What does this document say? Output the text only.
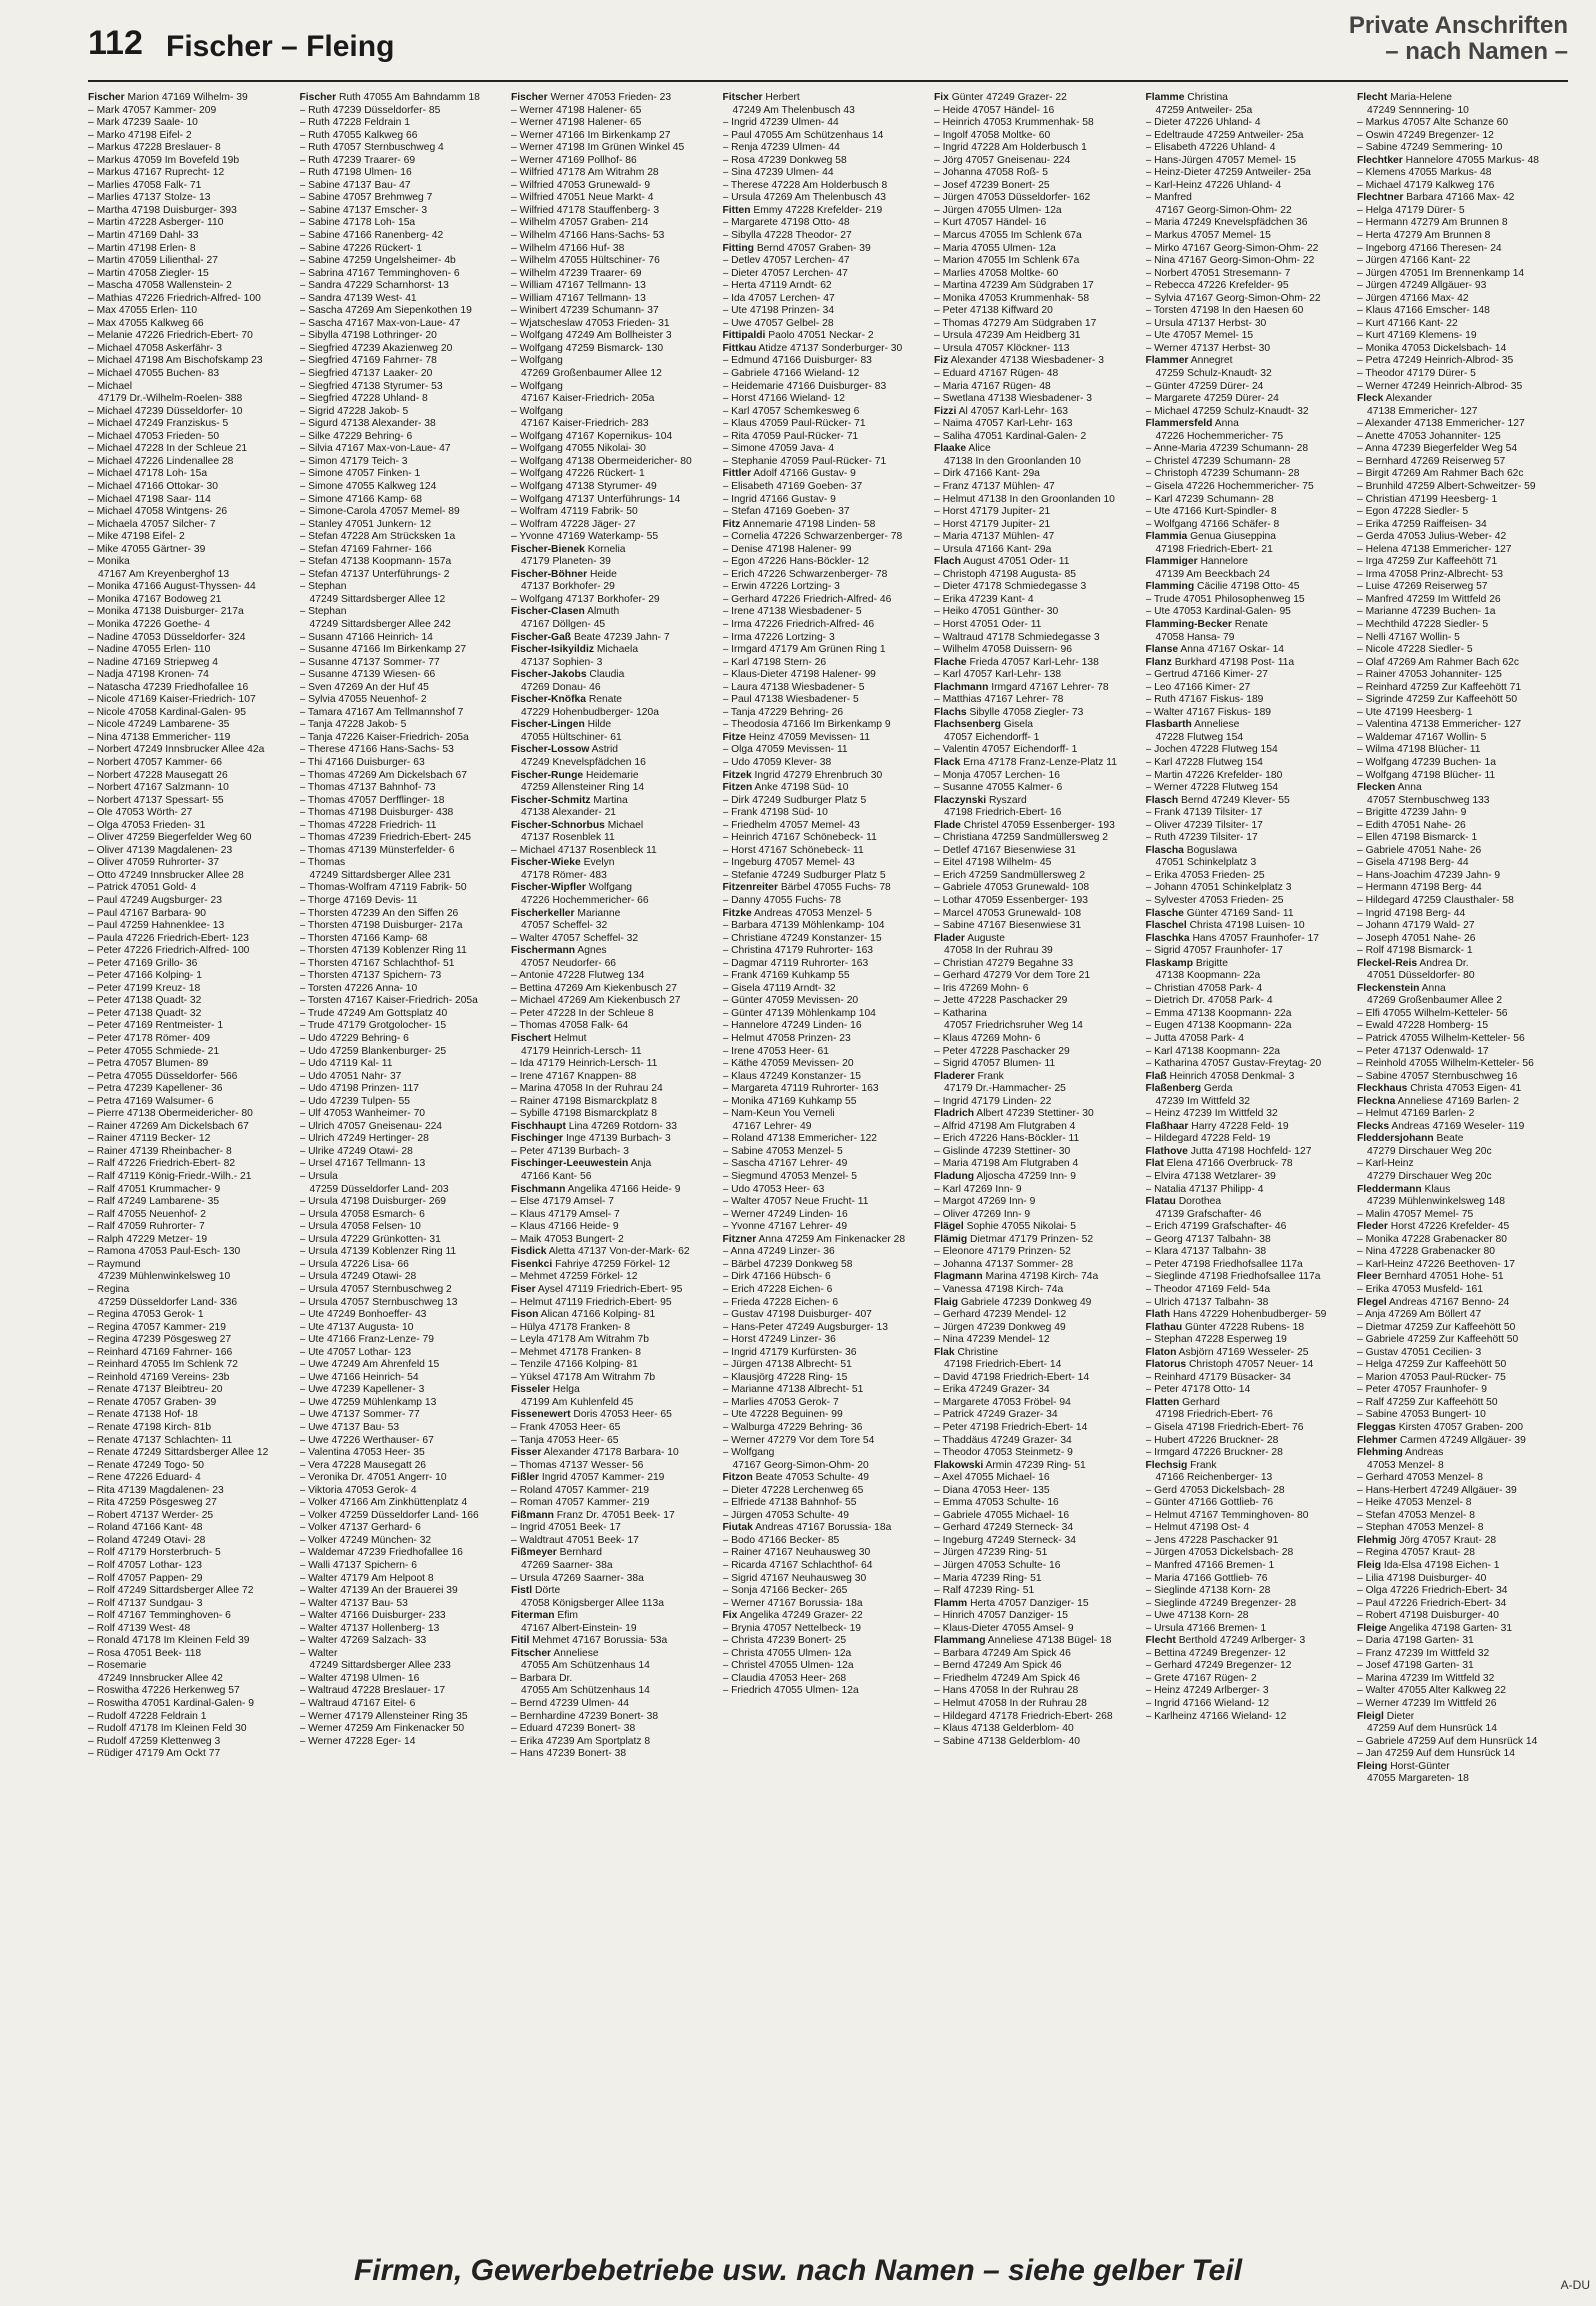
112 Fischer – Fleing
Private Anschriften
– nach Namen –
Fischer Marion 47169 Wilhelm- 39
– Mark 47057 Kammer- 209
– Mark 47239 Saale- 10
– Marko 47198 Eifel- 2
– Markus 47228 Breslauer- 8
– Markus 47059 Im Bovefeld 19b
– Markus 47167 Ruprecht- 12
– Marlies 47058 Falk- 71
– Marlies 47137 Stolze- 13
– Martha 47198 Duisburger- 393
– Martin 47228 Asberger- 110
– Martin 47169 Dahl- 33
– Martin 47198 Erlen- 8
– Martin 47059 Lilienthal- 27
– Martin 47058 Ziegler- 15
– Mascha 47058 Wallenstein- 2
– Mathias 47226 Friedrich-Alfred- 100
– Max 47055 Erlen- 110
– Max 47055 Kalkweg 66
– Melanie 47226 Friedrich-Ebert- 70
– Michael 47058 Askerfähr- 3
– Michael 47198 Am Bischofskamp 23
– Michael 47055 Buchen- 83
– Michael
47179 Dr.-Wilhelm-Roelen- 388
– Michael 47239 Düsseldorfer- 10
– Michael 47249 Franziskus- 5
– Michael 47053 Frieden- 50
– Michael 47228 In der Schleue 21
– Michael 47226 Lindenallee 28
– Michael 47178 Loh- 15a
– Michael 47166 Ottokar- 30
– Michael 47198 Saar- 114
– Michael 47058 Wintgens- 26
– Michaela 47057 Silcher- 7
– Mike 47198 Eifel- 2
– Mike 47055 Gärtner- 39
– Monika
47167 Am Kreyenberghof 13
– Monika 47166 August-Thyssen- 44
– Monika 47167 Bodoweg 21
– Monika 47138 Duisburger- 217a
– Monika 47226 Goethe- 4
– Nadine 47053 Düsseldorfer- 324
– Nadine 47055 Erlen- 110
– Nadine 47169 Striepweg 4
– Nadja 47198 Kronen- 74
– Natascha 47239 Friedhofallee 16
– Nicole 47169 Kaiser-Friedrich- 107
– Nicole 47058 Kardinal-Galen- 95
– Nicole 47249 Lambarene- 35
– Nina 47138 Emmericher- 119
– Norbert 47249 Innsbrucker Allee 42a
– Norbert 47057 Kammer- 66
– Norbert 47228 Mausegatt 26
– Norbert 47167 Salzmann- 10
– Norbert 47137 Spessart- 55
– Ole 47053 Wörth- 27
– Olga 47053 Frieden- 31
– Oliver 47259 Biegerfelder Weg 60
– Oliver 47139 Magdalenen- 23
– Oliver 47059 Ruhrorter- 37
– Otto 47249 Innsbrucker Allee 28
– Patrick 47051 Gold- 4
– Paul 47249 Augsburger- 23
– Paul 47167 Barbara- 90
– Paul 47259 Hahnenklee- 13
– Paula 47226 Friedrich-Ebert- 123
– Peter 47226 Friedrich-Alfred- 100
– Peter 47169 Grillo- 36
– Peter 47166 Kolping- 1
– Peter 47199 Kreuz- 18
– Peter 47138 Quadt- 32
– Peter 47138 Quadt- 32
– Peter 47169 Rentmeister- 1
– Peter 47178 Römer- 409
– Peter 47055 Schmiede- 21
– Petra 47057 Blumen- 89
– Petra 47055 Düsseldorfer- 566
– Petra 47239 Kapellener- 36
– Petra 47169 Walsumer- 6
– Pierre 47138 Obermeidericher- 80
– Rainer 47269 Am Dickelsbach 67
– Rainer 47119 Becker- 12
– Rainer 47139 Rheinbacher- 8
– Ralf 47226 Friedrich-Ebert- 82
– Ralf 47119 König-Friedr.-Wilh.- 21
– Ralf 47051 Krummacher- 9
– Ralf 47249 Lambarene- 35
– Ralf 47055 Neuenhof- 2
– Ralf 47059 Ruhrorter- 7
– Ralph 47229 Metzer- 19
– Ramona 47053 Paul-Esch- 130
– Raymund
47239 Mühlenwinkelsweg 10
– Regina
47259 Düsseldorfer Land- 336
– Regina 47053 Gerok- 1
– Regina 47057 Kammer- 219
– Regina 47239 Pösgesweg 27
– Reinhard 47169 Fahrner- 166
– Reinhard 47055 Im Schlenk 72
– Reinhold 47169 Vereins- 23b
– Renate 47137 Bleibtreu- 20
– Renate 47057 Graben- 39
– Renate 47138 Hof- 18
– Renate 47198 Kirch- 81b
– Renate 47137 Schlachten- 11
– Renate 47249 Sittardsberger Allee 12
– Renate 47249 Togo- 50
– Rene 47226 Eduard- 4
– Rita 47139 Magdalenen- 23
– Rita 47259 Pösgesweg 27
– Robert 47137 Werder- 25
– Roland 47166 Kant- 48
– Roland 47249 Otavi- 28
– Rolf 47179 Horsterbruch- 5
– Rolf 47057 Lothar- 123
– Rolf 47057 Pappen- 29
– Rolf 47249 Sittardsberger Allee 72
– Rolf 47137 Sundgau- 3
– Rolf 47167 Temminghoven- 6
– Rolf 47139 West- 48
– Ronald 47178 Im Kleinen Feld 39
– Rosa 47051 Beek- 118
– Rosemarie
47249 Innsbrucker Allee 42
– Roswitha 47226 Herkenweg 57
– Roswitha 47051 Kardinal-Galen- 9
– Rudolf 47228 Feldrain 1
– Rudolf 47178 Im Kleinen Feld 30
– Rudolf 47259 Klettenweg 3
– Rüdiger 47179 Am Ockt 77
Fischer Ruth 47055 Am Bahndamm 18
– Ruth 47239 Düsseldorfer- 85
– Ruth 47228 Feldrain 1
– Ruth 47055 Kalkweg 66
– Ruth 47057 Sternbuschweg 4
– Ruth 47239 Traarer- 69
– Ruth 47198 Ulmen- 16
– Sabine 47137 Bau- 47
– Sabine 47057 Brehmweg 7
– Sabine 47137 Emscher- 3
– Sabine 47178 Loh- 15a
– Sabine 47166 Ranenberg- 42
– Sabine 47226 Rückert- 1
– Sabine 47259 Ungelsheimer- 4b
– Sabrina 47167 Temminghoven- 6
– Sandra 47229 Scharnhorst- 13
– Sandra 47139 West- 41
– Sascha 47269 Am Siepenkothen 19
– Sascha 47167 Max-von-Laue- 47
– Sibylla 47198 Lothringer- 20
– Siegfried 47239 Akazienweg 20
– Siegfried 47169 Fahrner- 78
– Siegfried 47137 Laaker- 20
– Siegfried 47138 Styrumer- 53
– Siegfried 47228 Uhland- 8
– Sigrid 47228 Jakob- 5
– Sigurd 47138 Alexander- 38
– Silke 47229 Behring- 6
– Silvia 47167 Max-von-Laue- 47
– Simon 47179 Teich- 3
– Simone 47057 Finken- 1
– Simone 47055 Kalkweg 124
– Simone 47166 Kamp- 68
– Simone-Carola 47057 Memel- 89
– Stanley 47051 Junkern- 12
– Stefan 47228 Am Strücksken 1a
– Stefan 47169 Fahrner- 166
– Stefan 47138 Koopmann- 157a
– Stefan 47137 Unterführungs- 2
– Stephan
47249 Sittardsberger Allee 12
– Stephan
47249 Sittardsberger Allee 242
– Susann 47166 Heinrich- 14
– Susanne 47166 Im Birkenkamp 27
– Susanne 47137 Sommer- 77
– Susanne 47139 Wiesen- 66
– Sven 47269 An der Huf 45
– Sylvia 47055 Neuenhof- 2
– Tamara 47167 Am Tellmannshof 7
– Tanja 47228 Jakob- 5
– Tanja 47226 Kaiser-Friedrich- 205a
– Therese 47166 Hans-Sachs- 53
– Thi 47166 Duisburger- 63
– Thomas 47269 Am Dickelsbach 67
– Thomas 47137 Bahnhof- 73
– Thomas 47057 Derfflinger- 18
– Thomas 47198 Duisburger- 438
– Thomas 47228 Friedrich- 11
– Thomas 47239 Friedrich-Ebert- 245
– Thomas 47139 Münsterfelder- 6
– Thomas
47249 Sittardsberger Allee 231
– Thomas-Wolfram 47119 Fabrik- 50
– Thorge 47169 Devis- 11
– Thorsten 47239 An den Siffen 26
– Thorsten 47198 Duisburger- 217a
– Thorsten 47166 Kamp- 68
– Thorsten 47139 Koblenzer Ring 11
– Thorsten 47167 Schlachthof- 51
– Thorsten 47137 Spichern- 73
– Torsten 47226 Anna- 10
– Torsten 47167 Kaiser-Friedrich- 205a
– Trude 47249 Am Gottsplatz 40
– Trude 47179 Grotgolocher- 15
– Udo 47229 Behring- 6
– Udo 47259 Blankenburger- 25
– Udo 47119 Kal- 11
– Udo 47051 Nahr- 37
– Udo 47198 Prinzen- 117
– Udo 47239 Tulpen- 55
– Ulf 47053 Wanheimer- 70
– Ulrich 47057 Gneisenau- 224
– Ulrich 47249 Hertinger- 28
– Ulrike 47249 Otawi- 28
– Ursel 47167 Tellmann- 13
– Ursula
47259 Düsseldorfer Land- 203
– Ursula 47198 Duisburger- 269
– Ursula 47058 Esmarch- 6
– Ursula 47058 Felsen- 10
– Ursula 47229 Grünkotten- 31
– Ursula 47139 Koblenzer Ring 11
– Ursula 47226 Lisa- 66
– Ursula 47249 Otawi- 28
– Ursula 47057 Sternbuschweg 2
– Ursula 47057 Sternbuschweg 13
– Ute 47249 Bonhoeffer- 43
– Ute 47137 Augusta- 10
– Ute 47166 Franz-Lenze- 79
– Ute 47057 Lothar- 123
– Uwe 47249 Am Ährenfeld 15
– Uwe 47166 Heinrich- 54
– Uwe 47239 Kapellener- 3
– Uwe 47259 Mühlenkamp 13
– Uwe 47137 Sommer- 77
– Uwe 47137 Bau- 53
– Uwe 47226 Werthauser- 67
– Valentina 47053 Heer- 35
– Vera 47228 Mausegatt 26
– Veronika Dr. 47051 Angerr- 10
– Viktoria 47053 Gerok- 4
– Volker 47166 Am Zinkhüttenplatz 4
– Volker 47259 Düsseldorfer Land- 166
– Volker 47137 Gerhard- 6
– Volker 47249 München- 32
– Waldemar 47239 Friedhofallee 16
– Walli 47137 Spichern- 6
– Walter 47179 Am Helpoot 8
– Walter 47139 An der Brauerei 39
– Walter 47137 Bau- 53
– Walter 47166 Duisburger- 233
– Walter 47137 Hollenberg- 13
– Walter 47269 Salzach- 33
– Walter
47249 Sittardsberger Allee 233
– Walter 47198 Ulmen- 16
– Waltraud 47228 Breslauer- 17
– Waltraud 47167 Eitel- 6
– Werner 47179 Allensteiner Ring 35
– Werner 47259 Am Finkenacker 50
– Werner 47228 Eger- 14
Fischer Werner 47053 Frieden- 23
– Werner 47198 Halener- 65
– Werner 47198 Halener- 65
– Werner 47166 Im Birkenkamp 27
– Werner 47198 Im Grünen Winkel 45
– Werner 47169 Pollhof- 86
– Wilfried 47178 Am Witrahm 28
– Wilfried 47053 Grunewald- 9
– Wilfried 47051 Neue Markt- 4
– Wilfried 47178 Stauffenberg- 3
– Wilhelm 47057 Graben- 214
– Wilhelm 47166 Hans-Sachs- 53
– Wilhelm 47166 Huf- 38
– Wilhelm 47055 Hültschiner- 76
– Wilhelm 47239 Traarer- 69
– William 47167 Tellmann- 13
– William 47167 Tellmann- 13
– Winibert 47239 Schumann- 37
– Wjatscheslaw 47053 Frieden- 31
– Wolfgang 47249 Am Bollheister 3
– Wolfgang 47259 Bismarck- 130
– Wolfgang
47269 Großenbaumer Allee 12
– Wolfgang
47167 Kaiser-Friedrich- 205a
– Wolfgang
47167 Kaiser-Friedrich- 283
– Wolfgang 47167 Kopernikus- 104
– Wolfgang 47055 Nikolai- 30
– Wolfgang 47138 Obermeidericher- 80
– Wolfgang 47226 Rückert- 1
– Wolfgang 47138 Styrumer- 49
– Wolfgang 47137 Unterführungs- 14
– Wolfram 47119 Fabrik- 50
– Wolfram 47228 Jäger- 27
– Yvonne 47169 Waterkamp- 55
Fischer-Bienek Kornelia
47179 Planeten- 39
Fischer-Böhner Heide
47137 Borkhofer- 29
– Wolfgang 47137 Borkhofer- 29
Fischer-Clasen Almuth
47167 Döllgen- 45
Fischer-Gaß Beate 47239 Jahn- 7
Fischer-Isikyildiz Michaela
47137 Sophien- 3
Fischer-Jakobs Claudia
47269 Donau- 46
Fischer-Knöfka Renate
47229 Hohenbudberger- 120a
Fischer-Lingen Hilde
47055 Hültschiner- 61
Fischer-Lossow Astrid
47249 Knevelspfädchen 16
Fischer-Runge Heidemarie
47259 Allensteiner Ring 14
Fischer-Schmitz Martina
47138 Alexander- 21
Fischer-Schnorbus Michael
47137 Rosenblek 11
– Michael 47137 Rosenbleck 11
Fischer-Wieke Evelyn
47178 Römer- 483
Fischer-Wipfler Wolfgang
47226 Hochemmericher- 66
Fischerkeller Marianne
47057 Scheffel- 32
– Walter 47057 Scheffel- 32
Fischermann Agnes
47057 Neudorfer- 66
– Antonie 47228 Flutweg 134
– Bettina 47269 Am Kiekenbusch 27
– Michael 47269 Am Kiekenbusch 27
– Peter 47228 In der Schleue 8
– Thomas 47058 Falk- 64
Fischert Helmut
47179 Heinrich-Lersch- 11
– Ida 47179 Heinrich-Lersch- 11
– Irene 47167 Knappen- 88
– Marina 47058 In der Ruhrau 24
– Rainer 47198 Bismarckplatz 8
– Sybille 47198 Bismarckplatz 8
Fischhaupt Lina 47269 Rotdorn- 33
Fischinger Inge 47139 Burbach- 3
– Peter 47139 Burbach- 3
Fischinger-Leeuwestein Anja
47166 Kant- 56
Fischmann Angelika 47166 Heide- 9
– Else 47179 Amsel- 7
– Klaus 47179 Amsel- 7
– Klaus 47166 Heide- 9
– Maik 47053 Bungert- 2
Fisdick Aletta 47137 Von-der-Mark- 62
Fisenkci Fahriye 47259 Förkel- 12
– Mehmet 47259 Förkel- 12
Fiser Aysel 47119 Friedrich-Ebert- 95
– Helmut 47119 Friedrich-Ebert- 95
Fison Alican 47166 Kolping- 81
– Hülya 47178 Franken- 8
– Leyla 47178 Am Witrahm 7b
– Mehmet 47178 Franken- 8
– Tenzile 47166 Kolping- 81
– Yüksel 47178 Am Witrahm 7b
Fisseler Helga
47199 Am Kuhlenfeld 45
Fissenewert Doris 47053 Heer- 65
– Frank 47053 Heer- 65
– Tanja 47053 Heer- 65
Fisser Alexander 47178 Barbara- 10
– Thomas 47137 Wesser- 56
Fißler Ingrid 47057 Kammer- 219
– Roland 47057 Kammer- 219
– Roman 47057 Kammer- 219
Fißmann Franz Dr. 47051 Beek- 17
– Ingrid 47051 Beek- 17
– Waldtraut 47051 Beek- 17
Fißmeyer Bernhard
47269 Saarner- 38a
– Ursula 47269 Saarner- 38a
Fistl Dörte
47058 Königsberger Allee 113a
Fiterman Efim
47167 Albert-Einstein- 19
Fitil Mehmet 47167 Borussia- 53a
Fitscher Anneliese
47055 Am Schützenhaus 14
– Barbara Dr.
47055 Am Schützenhaus 14
– Bernd 47239 Ulmen- 44
– Bernhardine 47239 Bonert- 38
– Eduard 47239 Bonert- 38
– Erika 47239 Am Sportplatz 8
– Hans 47239 Bonert- 38
Fitscher Herbert
47249 Am Thelenbusch 43
– Ingrid 47239 Ulmen- 44
– Paul 47055 Am Schützenhaus 14
– Renja 47239 Ulmen- 44
– Rosa 47239 Donkweg 58
– Sina 47239 Ulmen- 44
– Therese 47228 Am Holderbusch 8
– Ursula 47269 Am Thelenbusch 43
Fitten Emmy 47228 Krefelder- 219
– Margarete 47198 Otto- 48
– Sibylla 47228 Theodor- 27
Fitting Bernd 47057 Graben- 39
– Detlev 47057 Lerchen- 47
– Dieter 47057 Lerchen- 47
– Herta 47119 Arndt- 62
– Ida 47057 Lerchen- 47
– Ute 47198 Prinzen- 34
– Uwe 47057 Gelbel- 28
Fittipaldi Paolo 47051 Neckar- 2
Fittkau Atidze 47137 Sonderburger- 30
– Edmund 47166 Duisburger- 83
– Gabriele 47166 Wieland- 12
– Heidemarie 47166 Duisburger- 83
– Horst 47166 Wieland- 12
– Karl 47057 Schemkesweg 6
– Klaus 47059 Paul-Rücker- 71
– Rita 47059 Paul-Rücker- 71
– Simone 47059 Java- 4
– Stephanie 47059 Paul-Rücker- 71
Fittler Adolf 47166 Gustav- 9
– Elisabeth 47169 Goeben- 37
– Ingrid 47166 Gustav- 9
– Stefan 47169 Goeben- 37
Fitz Annemarie 47198 Linden- 58
– Cornelia 47226 Schwarzenberger- 78
– Denise 47198 Halener- 99
– Egon 47226 Hans-Böckler- 12
– Erich 47226 Schwarzenberger- 78
– Erwin 47226 Lortzing- 3
– Gerhard 47226 Friedrich-Alfred- 46
– Irene 47138 Wiesbadener- 5
– Irma 47226 Friedrich-Alfred- 46
– Irma 47226 Lortzing- 3
– Irmgard 47179 Am Grünen Ring 1
– Karl 47198 Stern- 26
– Klaus-Dieter 47198 Halener- 99
– Laura 47138 Wiesbadener- 5
– Paul 47138 Wiesbadener- 5
– Tanja 47229 Behring- 26
– Theodosia 47166 Im Birkenkamp 9
Fitze Heinz 47059 Mevissen- 11
– Olga 47059 Mevissen- 11
– Udo 47059 Klever- 38
Fitzek Ingrid 47279 Ehrenbruch 30
Fitzen Anke 47198 Süd- 10
– Dirk 47249 Sudburger Platz 5
– Frank 47198 Süd- 10
– Friedhelm 47057 Memel- 43
– Heinrich 47167 Schönebeck- 11
– Horst 47167 Schönebeck- 11
– Ingeburg 47057 Memel- 43
– Stefanie 47249 Sudburger Platz 5
Fitzenreiter Bärbel 47055 Fuchs- 78
– Danny 47055 Fuchs- 78
Fitzke Andreas 47053 Menzel- 5
– Barbara 47139 Möhlenkamp- 104
– Christiane 47249 Konstanzer- 15
– Christina 47179 Ruhrorter- 163
– Dagmar 47119 Ruhrorter- 163
– Frank 47169 Kuhkamp 55
– Gisela 47119 Arndt- 32
– Günter 47059 Mevissen- 20
– Günter 47139 Möhlenkamp 104
– Hannelore 47249 Linden- 16
– Helmut 47058 Prinzen- 23
– Irene 47053 Heer- 61
– Käthe 47059 Mevissen- 20
– Klaus 47249 Konstanzer- 15
– Margareta 47119 Ruhrorter- 163
– Monika 47169 Kuhkamp 55
– Nam-Keun You Verneli
47167 Lehrer- 49
– Roland 47138 Emmericher- 122
– Sabine 47053 Menzel- 5
– Sascha 47167 Lehrer- 49
– Siegmund 47053 Menzel- 5
– Udo 47053 Heer- 63
– Walter 47057 Neue Frucht- 11
– Werner 47249 Linden- 16
– Yvonne 47167 Lehrer- 49
Fitzner Anna 47259 Am Finkenacker 28
– Anna 47249 Linzer- 36
– Bärbel 47239 Donkweg 58
– Dirk 47166 Hübsch- 6
– Erich 47228 Eichen- 6
– Frieda 47228 Eichen- 6
– Gustav 47198 Duisburger- 407
– Hans-Peter 47249 Augsburger- 13
– Horst 47249 Linzer- 36
– Ingrid 47179 Kurfürsten- 36
– Jürgen 47138 Albrecht- 51
– Klausjörg 47228 Ring- 15
– Marianne 47138 Albrecht- 51
– Marlies 47053 Gerok- 7
– Ute 47228 Beguinen- 99
– Walburga 47229 Behring- 36
– Werner 47279 Vor dem Tore 54
– Wolfgang
47167 Georg-Simon-Ohm- 20
Fitzon Beate 47053 Schulte- 49
– Dieter 47228 Lerchenweg 65
– Elfriede 47138 Bahnhof- 55
– Jürgen 47053 Schulte- 49
Fiutak Andreas 47167 Borussia- 18a
– Bodo 47166 Becker- 85
– Rainer 47167 Neuhausweg 30
– Ricarda 47167 Schlachthof- 64
– Sigrid 47167 Neuhausweg 30
– Sonja 47166 Becker- 265
– Werner 47167 Borussia- 18a
Fix Angelika 47249 Grazer- 22
– Brynia 47057 Nettelbeck- 19
– Christa 47239 Bonert- 25
– Christa 47055 Ulmen- 12a
– Christel 47055 Ulmen- 12a
– Claudia 47053 Heer- 268
– Friedrich 47055 Ulmen- 12a
Fix Günter 47249 Grazer- 22
– Heide 47057 Händel- 16
– Heinrich 47053 Krummenhak- 58
– Ingolf 47058 Moltke- 60
– Ingrid 47228 Am Holderbusch 1
– Jörg 47057 Gneisenau- 224
– Johanna 47058 Roß- 5
– Josef 47239 Bonert- 25
– Jürgen 47053 Düsseldorfer- 162
– Jürgen 47055 Ulmen- 12a
– Kurt 47057 Händel- 16
– Marcus 47055 Im Schlenk 67a
– Maria 47055 Ulmen- 12a
– Marion 47055 Im Schlenk 67a
– Marlies 47058 Moltke- 60
– Martina 47239 Am Südgraben 17
– Monika 47053 Krummenhak- 58
– Peter 47138 Kiffward 20
– Thomas 47279 Am Südgraben 17
– Ursula 47239 Am Heidberg 31
– Ursula 47057 Klöckner- 113
Fiz Alexander 47138 Wiesbadener- 3
– Eduard 47167 Rügen- 48
– Maria 47167 Rügen- 48
– Swetlana 47138 Wiesbadener- 3
Fizzi Al 47057 Karl-Lehr- 163
– Naima 47057 Karl-Lehr- 163
– Saliha 47051 Kardinal-Galen- 2
Flaake Alice
47138 In den Groonlanden 10
– Dirk 47166 Kant- 29a
– Franz 47137 Mühlen- 47
– Helmut 47138 In den Groonlanden 10
– Horst 47179 Jupiter- 21
– Horst 47179 Jupiter- 21
– Maria 47137 Mühlen- 47
– Ursula 47166 Kant- 29a
Flach August 47051 Oder- 11
– Christoph 47198 Augusta- 85
– Dieter 47178 Schmiedegasse 3
– Erika 47239 Kant- 4
– Heiko 47051 Günther- 30
– Horst 47051 Oder- 11
– Waltraud 47178 Schmiedegasse 3
– Wilhelm 47058 Duissern- 96
Flache Frieda 47057 Karl-Lehr- 138
– Karl 47057 Karl-Lehr- 138
Flachmann Irmgard 47167 Lehrer- 78
– Matthias 47167 Lehrer- 78
Flachs Sibylle 47058 Ziegler- 73
Flachsenberg Gisela
47057 Eichendorff- 1
– Valentin 47057 Eichendorff- 1
Flack Erna 47178 Franz-Lenze-Platz 11
– Monja 47057 Lerchen- 16
– Susanne 47055 Kalmer- 6
Flaczynski Ryszard
47198 Friedrich-Ebert- 16
Flade Christel 47059 Essenberger- 193
– Christiana 47259 Sandmüllersweg 2
– Detlef 47167 Biesenwiese 31
– Eitel 47198 Wilhelm- 45
– Erich 47259 Sandmüllersweg 2
– Gabriele 47053 Grunewald- 108
– Lothar 47059 Essenberger- 193
– Marcel 47053 Grunewald- 108
– Sabine 47167 Biesenwiese 31
Flader Auguste
47058 In der Ruhrau 39
– Christian 47279 Begahne 33
– Gerhard 47279 Vor dem Tore 21
– Iris 47269 Mohn- 6
– Jette 47228 Paschacker 29
– Katharina
47057 Friedrichsruher Weg 14
– Klaus 47269 Mohn- 6
– Peter 47228 Paschacker 29
– Sigrid 47057 Blumen- 11
Fladerer Frank
47179 Dr.-Hammacher- 25
– Ingrid 47179 Linden- 22
Fladrich Albert 47239 Stettiner- 30
– Alfrid 47198 Am Flutgraben 4
– Erich 47226 Hans-Böckler- 11
– Gislinde 47239 Stettiner- 30
– Maria 47198 Am Flutgraben 4
Fladung Aljoscha 47259 Inn- 9
– Karl 47269 Inn- 9
– Margot 47269 Inn- 9
– Oliver 47269 Inn- 9
Flägel Sophie 47055 Nikolai- 5
Flämig Dietmar 47179 Prinzen- 52
– Eleonore 47179 Prinzen- 52
– Johanna 47137 Sommer- 28
Flagmann Marina 47198 Kirch- 74a
– Vanessa 47198 Kirch- 74a
Flaig Gabriele 47239 Donkweg 49
– Gerhard 47239 Mendel- 12
– Jürgen 47239 Donkweg 49
– Nina 47239 Mendel- 12
Flak Christine
47198 Friedrich-Ebert- 14
– David 47198 Friedrich-Ebert- 14
– Erika 47249 Grazer- 34
– Margarete 47053 Fröbel- 94
– Patrick 47249 Grazer- 34
– Peter 47198 Friedrich-Ebert- 14
– Thaddäus 47249 Grazer- 34
– Theodor 47053 Steinmetz- 9
Flakowski Armin 47239 Ring- 51
– Axel 47055 Michael- 16
– Diana 47053 Heer- 135
– Emma 47053 Schulte- 16
– Gabriele 47055 Michael- 16
– Gerhard 47249 Sterneck- 34
– Ingeburg 47249 Sterneck- 34
– Jürgen 47239 Ring- 51
– Jürgen 47053 Schulte- 16
– Maria 47239 Ring- 51
– Ralf 47239 Ring- 51
Flamm Herta 47057 Danziger- 15
– Hinrich 47057 Danziger- 15
– Klaus-Dieter 47055 Amsel- 9
Flammang Anneliese 47138 Bügel- 18
– Barbara 47249 Am Spick 46
– Bernd 47249 Am Spick 46
– Friedhelm 47249 Am Spick 46
– Hans 47058 In der Ruhrau 28
– Helmut 47058 In der Ruhrau 28
– Hildegard 47178 Friedrich-Ebert- 268
– Klaus 47138 Gelderblom- 40
– Sabine 47138 Gelderblom- 40
Flamme Christina
47259 Antweiler- 25a
– Dieter 47226 Uhland- 4
– Edeltraude 47259 Antweiler- 25a
– Elisabeth 47226 Uhland- 4
– Hans-Jürgen 47057 Memel- 15
– Heinz-Dieter 47259 Antweiler- 25a
– Karl-Heinz 47226 Uhland- 4
– Manfred
47167 Georg-Simon-Ohm- 22
– Maria 47249 Knevelspfädchen 36
– Markus 47057 Memel- 15
– Mirko 47167 Georg-Simon-Ohm- 22
– Nina 47167 Georg-Simon-Ohm- 22
– Norbert 47051 Stresemann- 7
– Rebecca 47226 Krefelder- 95
– Sylvia 47167 Georg-Simon-Ohm- 22
– Torsten 47198 In den Haesen 60
– Ursula 47137 Herbst- 30
– Ute 47057 Memel- 15
– Werner 47137 Herbst- 30
Flammer Annegret
47259 Schulz-Knaudt- 32
– Günter 47259 Dürer- 24
– Margarete 47259 Dürer- 24
– Michael 47259 Schulz-Knaudt- 32
Flammersfeld Anna
47226 Hochemmericher- 75
– Anne-Maria 47239 Schumann- 28
– Christel 47239 Schumann- 28
– Christoph 47239 Schumann- 28
– Gisela 47226 Hochemmericher- 75
– Karl 47239 Schumann- 28
– Ute 47166 Kurt-Spindler- 8
– Wolfgang 47166 Schäfer- 8
Flammia Genua Giuseppina
47198 Friedrich-Ebert- 21
Flammiger Hannelore
47139 Am Beeckbach 24
Flamming Cäcilie 47198 Otto- 45
– Trude 47051 Philosophenweg 15
– Ute 47053 Kardinal-Galen- 95
Flamming-Becker Renate
47058 Hansa- 79
Flanse Anna 47167 Oskar- 14
Flanz Burkhard 47198 Post- 11a
– Gertrud 47166 Kimer- 27
– Leo 47166 Kimer- 27
– Ruth 47167 Fiskus- 189
– Walter 47167 Fiskus- 189
Flasbarth Anneliese
47228 Flutweg 154
– Jochen 47228 Flutweg 154
– Karl 47228 Flutweg 154
– Martin 47226 Krefelder- 180
– Werner 47228 Flutweg 154
Flasch Bernd 47249 Klever- 55
– Frank 47139 Tilsiter- 17
– Oliver 47239 Tilsiter- 17
– Ruth 47239 Tilsiter- 17
Flascha Boguslawa
47051 Schinkelplatz 3
– Erika 47053 Frieden- 25
– Johann 47051 Schinkelplatz 3
– Sylvester 47053 Frieden- 25
Flasche Günter 47169 Sand- 11
Flaschel Christa 47198 Luisen- 10
Flaschka Hans 47057 Fraunhofer- 17
– Sigrid 47057 Fraunhofer- 17
Flaskamp Brigitte
47138 Koopmann- 22a
– Christian 47058 Park- 4
– Dietrich Dr. 47058 Park- 4
– Emma 47138 Koopmann- 22a
– Eugen 47138 Koopmann- 22a
– Jutta 47058 Park- 4
– Karl 47138 Koopmann- 22a
– Katharina 47057 Gustav-Freytag- 20
Flaß Heinrich 47058 Denkmal- 3
Flaßenberg Gerda
47239 Im Wittfeld 32
– Heinz 47239 Im Wittfeld 32
Flaßhaar Harry 47228 Feld- 19
– Hildegard 47228 Feld- 19
Flathove Jutta 47198 Hochfeld- 127
Flat Elena 47166 Overbruck- 78
– Elvira 47138 Wetzlarer- 39
– Natalia 47137 Philipp- 4
Flatau Dorothea
47139 Grafschafter- 46
– Erich 47199 Grafschafter- 46
– Georg 47137 Talbahn- 38
– Klara 47137 Talbahn- 38
– Peter 47198 Friedhofsallee 117a
– Sieglinde 47198 Friedhofsallee 117a
– Theodor 47169 Feld- 54a
– Ulrich 47137 Talbahn- 38
Flath Hans 47229 Hohenbudberger- 59
Flathau Günter 47228 Rubens- 18
– Stephan 47228 Esperweg 19
Flaton Asbjörn 47169 Wesseler- 25
Flatorus Christoph 47057 Neuer- 14
– Reinhard 47179 Büsacker- 34
– Peter 47178 Otto- 14
Flatten Gerhard
47198 Friedrich-Ebert- 76
– Gisela 47198 Friedrich-Ebert- 76
– Hubert 47226 Bruckner- 28
– Irmgard 47226 Bruckner- 28
Flechsig Frank
47166 Reichenberger- 13
– Gerd 47053 Dickelsbach- 28
– Günter 47166 Gottlieb- 76
– Helmut 47167 Temminghoven- 80
– Helmut 47198 Ost- 4
– Jens 47228 Paschacker 91
– Jürgen 47053 Dickelsbach- 28
– Manfred 47166 Bremen- 1
– Maria 47166 Gottlieb- 76
– Sieglinde 47138 Korn- 28
– Sieglinde 47249 Bregenzer- 28
– Uwe 47138 Korn- 28
– Ursula 47166 Bremen- 1
Flecht Berthold 47249 Arlberger- 3
– Bettina 47249 Bregenzer- 12
– Gerhard 47249 Bregenzer- 12
– Grete 47167 Rügen- 2
– Heinz 47249 Arlberger- 3
– Ingrid 47166 Wieland- 12
– Karlheinz 47166 Wieland- 12
Flecht Maria-Helene
47249 Sennnering- 10
– Markus 47057 Alte Schanze 60
– Oswin 47249 Bregenzer- 12
– Sabine 47249 Semmering- 10
Flechtker Hannelore 47055 Markus- 48
– Klemens 47055 Markus- 48
– Michael 47179 Kalkweg 176
Flechtner Barbara 47166 Max- 42
– Helga 47179 Dürer- 5
– Hermann 47279 Am Brunnen 8
– Herta 47279 Am Brunnen 8
– Ingeborg 47166 Theresen- 24
– Jürgen 47166 Kant- 22
– Jürgen 47051 Im Brennenkamp 14
– Jürgen 47249 Allgäuer- 93
– Jürgen 47166 Max- 42
– Klaus 47166 Emscher- 148
– Kurt 47166 Kant- 22
– Kurt 47169 Klemens- 19
– Monika 47053 Dickelsbach- 14
– Petra 47249 Heinrich-Albrod- 35
– Theodor 47179 Dürer- 5
– Werner 47249 Heinrich-Albrod- 35
Fleck Alexander
47138 Emmericher- 127
– Alexander 47138 Emmericher- 127
– Anette 47053 Johanniter- 125
– Anna 47239 Biegerfelder Weg 54
– Bernhard 47269 Reiserweg 57
– Birgit 47269 Am Rahmer Bach 62c
– Brunhild 47259 Albert-Schweitzer- 59
– Christian 47199 Heesberg- 1
– Egon 47228 Siedler- 5
– Erika 47259 Raiffeisen- 34
– Gerda 47053 Julius-Weber- 42
– Helena 47138 Emmericher- 127
– Irga 47259 Zur Kaffeehött 71
– Irma 47058 Prinz-Albrecht- 53
– Luise 47269 Reiserweg 57
– Manfred 47259 Im Wittfeld 26
– Marianne 47239 Buchen- 1a
– Mechthild 47228 Siedler- 5
– Nelli 47167 Wollin- 5
– Nicole 47228 Siedler- 5
– Olaf 47269 Am Rahmer Bach 62c
– Rainer 47053 Johanniter- 125
– Reinhard 47259 Zur Kaffeehött 71
– Sigrinde 47259 Zur Kaffeehött 50
– Ute 47199 Heesberg- 1
– Valentina 47138 Emmericher- 127
– Waldemar 47167 Wollin- 5
– Wilma 47198 Blücher- 11
– Wolfgang 47239 Buchen- 1a
– Wolfgang 47198 Blücher- 11
Flecken Anna
47057 Sternbuschweg 133
– Brigitte 47239 Jahn- 9
– Edith 47051 Nahe- 26
– Ellen 47198 Bismarck- 1
– Gabriele 47051 Nahe- 26
– Gisela 47198 Berg- 44
– Hans-Joachim 47239 Jahn- 9
– Hermann 47198 Berg- 44
– Hildegard 47259 Clausthaler- 58
– Ingrid 47198 Berg- 44
– Johann 47179 Wald- 27
– Joseph 47051 Nahe- 26
– Rolf 47198 Bismarck- 1
Fleckel-Reis Andrea Dr.
47051 Düsseldorfer- 80
Fleckenstein Anna
47269 Großenbaumer Allee 2
– Elfi 47055 Wilhelm-Ketteler- 56
– Ewald 47228 Homberg- 15
– Patrick 47055 Wilhelm-Ketteler- 56
– Peter 47137 Odenwald- 17
– Reinhold 47055 Wilhelm-Ketteler- 56
– Sabine 47057 Sternbuschweg 16
Fleckhaus Christa 47053 Eigen- 41
Fleckna Anneliese 47169 Barlen- 2
– Helmut 47169 Barlen- 2
Flecks Andreas 47169 Weseler- 119
Fleddersjohann Beate
47279 Dirschauer Weg 20c
– Karl-Heinz
47279 Dirschauer Weg 20c
Fleddermann Klaus
47239 Mühlenwinkelsweg 148
– Malin 47057 Memel- 75
Fleder Horst 47226 Krefelder- 45
– Monika 47228 Grabenacker 80
– Nina 47228 Grabenacker 80
– Karl-Heinz 47226 Beethoven- 17
Fleer Bernhard 47051 Hohe- 51
– Erika 47053 Musfeld- 161
Flegel Andreas 47167 Benno- 24
– Anja 47269 Am Böllert 47
– Dietmar 47259 Zur Kaffeehött 50
– Gabriele 47259 Zur Kaffeehött 50
– Gustav 47051 Cecilien- 3
– Helga 47259 Zur Kaffeehött 50
– Marion 47053 Paul-Rücker- 75
– Peter 47057 Fraunhofer- 9
– Ralf 47259 Zur Kaffeehött 50
– Sabine 47053 Bungert- 10
Fleggas Kirsten 47057 Graben- 200
Flehmer Carmen 47249 Allgäuer- 39
Flehming Andreas
47053 Menzel- 8
– Gerhard 47053 Menzel- 8
– Hans-Herbert 47249 Allgäuer- 39
– Heike 47053 Menzel- 8
– Stefan 47053 Menzel- 8
– Stephan 47053 Menzel- 8
Flehmig Jörg 47057 Kraut- 28
– Regina 47057 Kraut- 28
Fleig Ida-Elsa 47198 Eichen- 1
– Lilia 47198 Duisburger- 40
– Olga 47226 Friedrich-Ebert- 34
– Paul 47226 Friedrich-Ebert- 34
– Robert 47198 Duisburger- 40
Fleige Angelika 47198 Garten- 31
– Daria 47198 Garten- 31
– Franz 47239 Im Wittfeld 32
– Josef 47198 Garten- 31
– Marina 47239 Im Wittfeld 32
– Walter 47055 Alter Kalkweg 22
– Werner 47239 Im Wittfeld 26
Fleigl Dieter
47259 Auf dem Hunsrück 14
– Gabriele 47259 Auf dem Hunsrück 14
– Jan 47259 Auf dem Hunsrück 14
Fleing Horst-Günter
47055 Margareten- 18
Firmen, Gewerbebetriebe usw. nach Namen – siehe gelber Teil	A-DU
